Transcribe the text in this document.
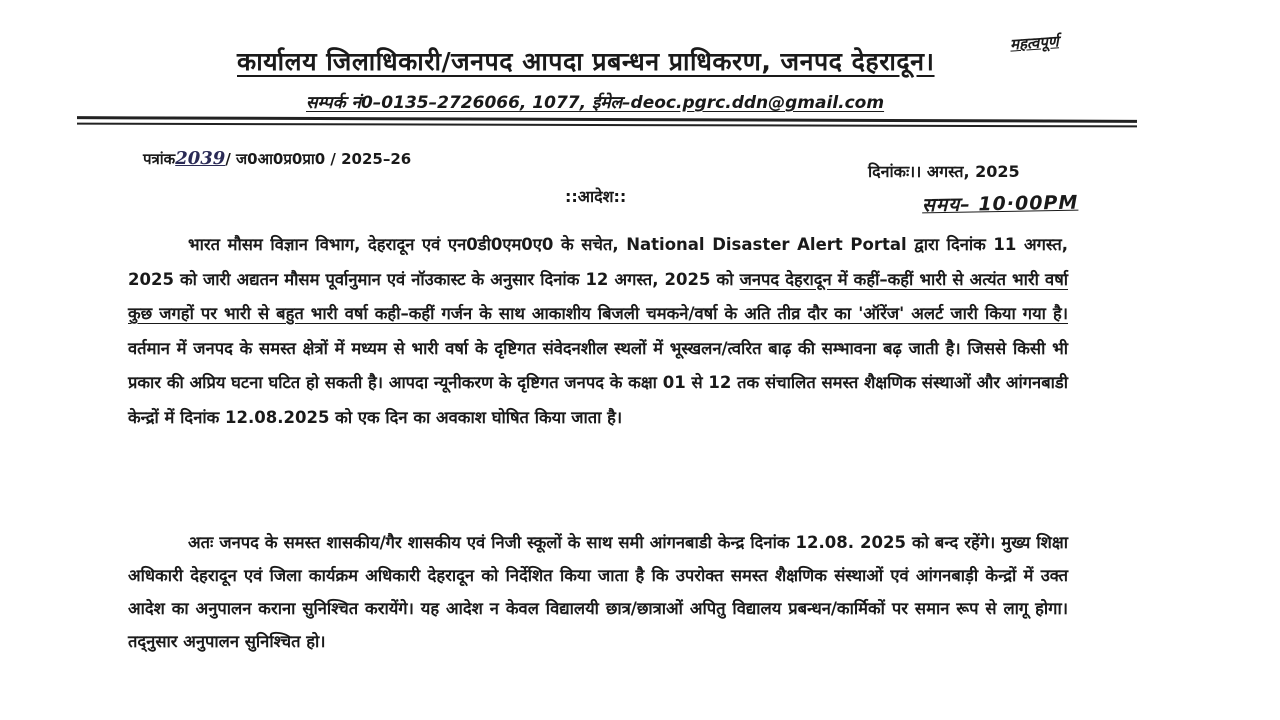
कार्यालय जिलाधिकारी/जनपद आपदा प्रबन्धन प्राधिकरण, जनपद देहरादून।
सम्पर्क नं0–0135–2726066, 1077, ईमेल–deoc.pgrc.ddn@gmail.com
महत्वपूर्ण
पत्रांक2039/ ज0आ0प्र0प्रा0 / 2025–26
दिनांकः।। अगस्त, 2025
समय– 10·00PM
::आदेश::

भारत मौसम विज्ञान विभाग, देहरादून एवं एन0डी0एम0ए0 के सचेत, National Disaster Alert Portal द्वारा दिनांक 11 अगस्त, 2025 को जारी अद्यतन मौसम पूर्वानुमान एवं नॉउकास्ट के अनुसार दिनांक 12 अगस्त, 2025 को जनपद देहरादून में कहीं–कहीं भारी से अत्यंत भारी वर्षा कुछ जगहों पर भारी से बहुत भारी वर्षा कही–कहीं गर्जन के साथ आकाशीय बिजली चमकने/वर्षा के अति तीव्र दौर का 'ऑरेंज' अलर्ट जारी किया गया है। वर्तमान में जनपद के समस्त क्षेत्रों में मध्यम से भारी वर्षा के दृष्टिगत संवेदनशील स्थलों में भूस्खलन/त्वरित बाढ़ की सम्भावना बढ़ जाती है। जिससे किसी भी प्रकार की अप्रिय घटना घटित हो सकती है। आपदा न्यूनीकरण के दृष्टिगत जनपद के कक्षा 01 से 12 तक संचालित समस्त शैक्षणिक संस्थाओं और आंगनबाडी केन्द्रों में दिनांक 12.08.2025 को एक दिन का अवकाश घोषित किया जाता है।

अतः जनपद के समस्त शासकीय/गैर शासकीय एवं निजी स्कूलों के साथ समी आंगनबाडी केन्द्र दिनांक 12.08. 2025 को बन्द रहेंगे। मुख्य शिक्षा अधिकारी देहरादून एवं जिला कार्यक्रम अधिकारी देहरादून को निर्देशित किया जाता है कि उपरोक्त समस्त शैक्षणिक संस्थाओं एवं आंगनबाड़ी केन्द्रों में उक्त आदेश का अनुपालन कराना सुनिश्चित करायेंगे। यह आदेश न केवल विद्यालयी छात्र/छात्राओं अपितु विद्यालय प्रबन्धन/कार्मिकों पर समान रूप से लागू होगा। तद्नुसार अनुपालन सुनिश्चित हो।
